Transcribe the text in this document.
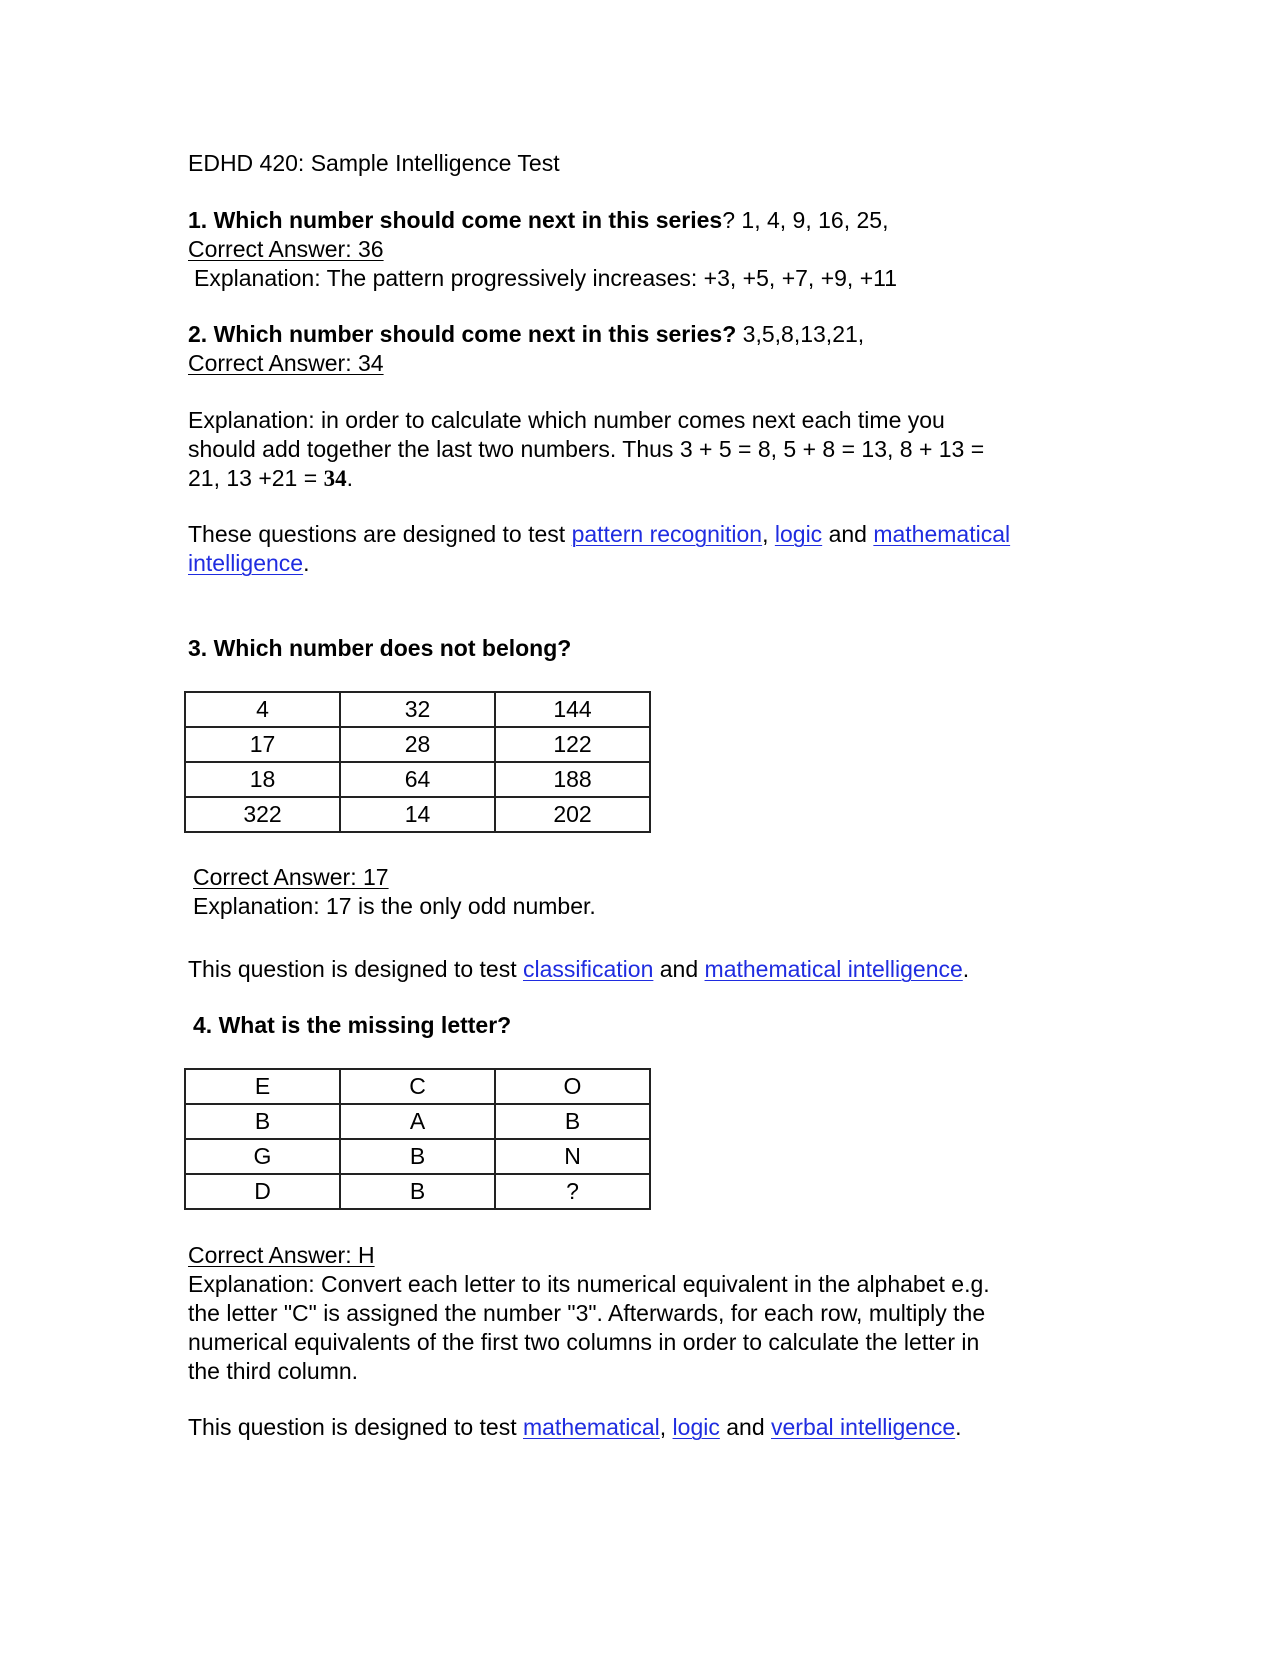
EDHD 420: Sample Intelligence Test
1. Which number should come next in this series? 1, 4, 9, 16, 25,
Correct Answer: 36
Explanation: The pattern progressively increases: +3, +5, +7, +9, +11
2. Which number should come next in this series? 3,5,8,13,21,
Correct Answer: 34
Explanation: in order to calculate which number comes next each time you
should add together the last two numbers. Thus 3 + 5 = 8, 5 + 8 = 13, 8 + 13 =
21, 13 +21 = 34.
These questions are designed to test pattern recognition, logic and mathematical
intelligence.
3. Which number does not belong?
4	32	144
17	28	122
18	64	188
322	14	202
Correct Answer: 17
Explanation: 17 is the only odd number.
This question is designed to test classification and mathematical intelligence.
4. What is the missing letter?
E	C	O
B	A	B
G	B	N
D	B	?
Correct Answer: H
Explanation: Convert each letter to its numerical equivalent in the alphabet e.g.
the letter "C" is assigned the number "3". Afterwards, for each row, multiply the
numerical equivalents of the first two columns in order to calculate the letter in
the third column.
This question is designed to test mathematical, logic and verbal intelligence.
